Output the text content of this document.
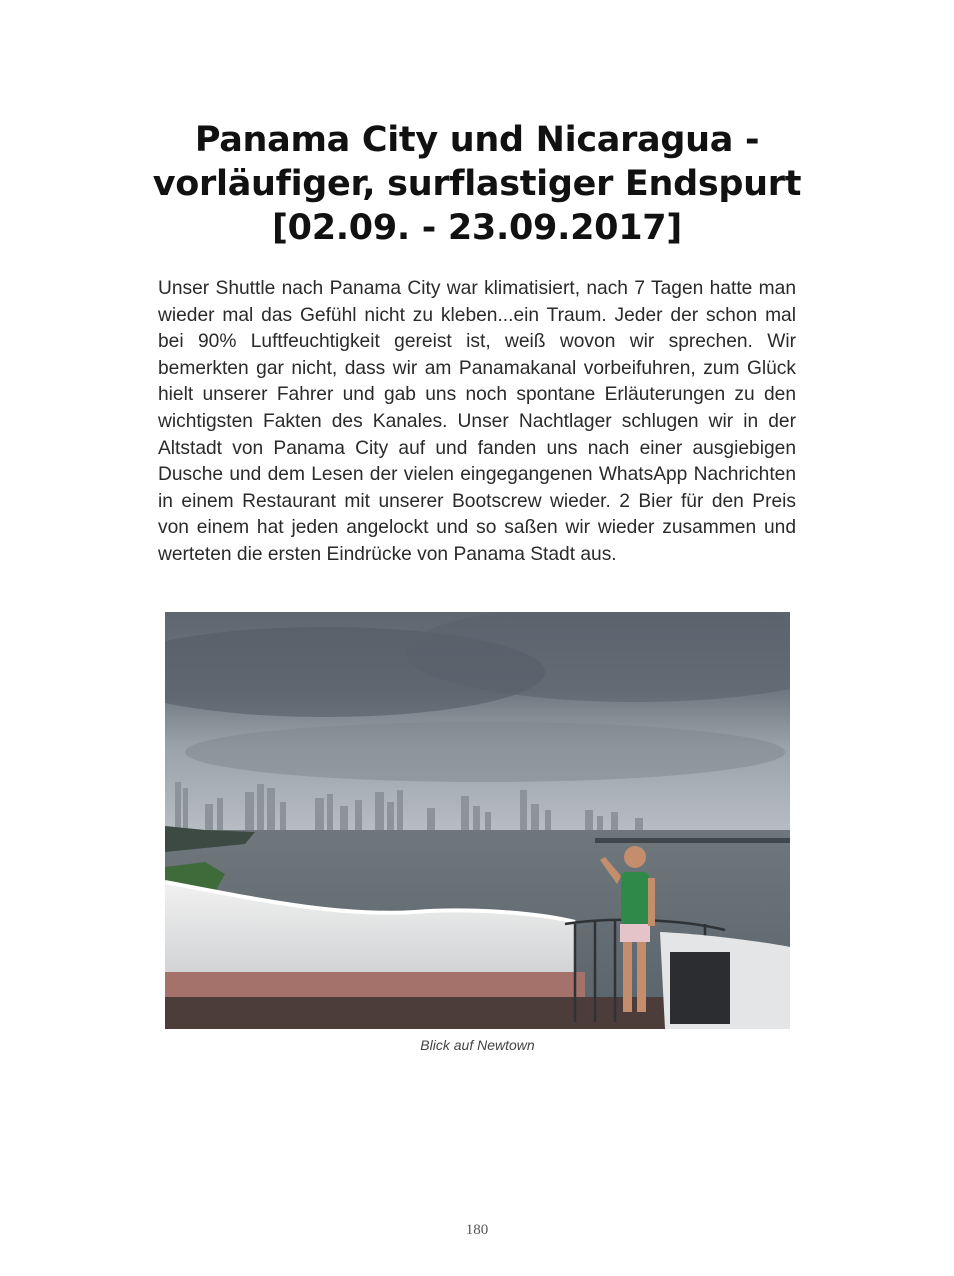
Panama City und Nicaragua -
vorläufiger, surflastiger Endspurt
[02.09. - 23.09.2017]

Unser Shuttle nach Panama City war klimatisiert, nach 7 Tagen hatte man wieder mal das Gefühl nicht zu kleben...ein Traum. Jeder der schon mal bei 90% Luftfeuchtigkeit gereist ist, weiß wovon wir sprechen. Wir bemerkten gar nicht, dass wir am Panamakanal vorbeifuhren, zum Glück hielt unserer Fahrer und gab uns noch spontane Erläuterungen zu den wichtigsten Fakten des Kanales. Unser Nachtlager schlugen wir in der Altstadt von Panama City auf und fanden uns nach einer ausgiebigen Dusche und dem Lesen der vielen eingegangenen WhatsApp Nachrichten in einem Restaurant mit unserer Bootscrew wieder. 2 Bier für den Preis von einem hat jeden angelockt und so saßen wir wieder zusammen und werteten die ersten Eindrücke von Panama Stadt aus.

Blick auf Newtown
180
